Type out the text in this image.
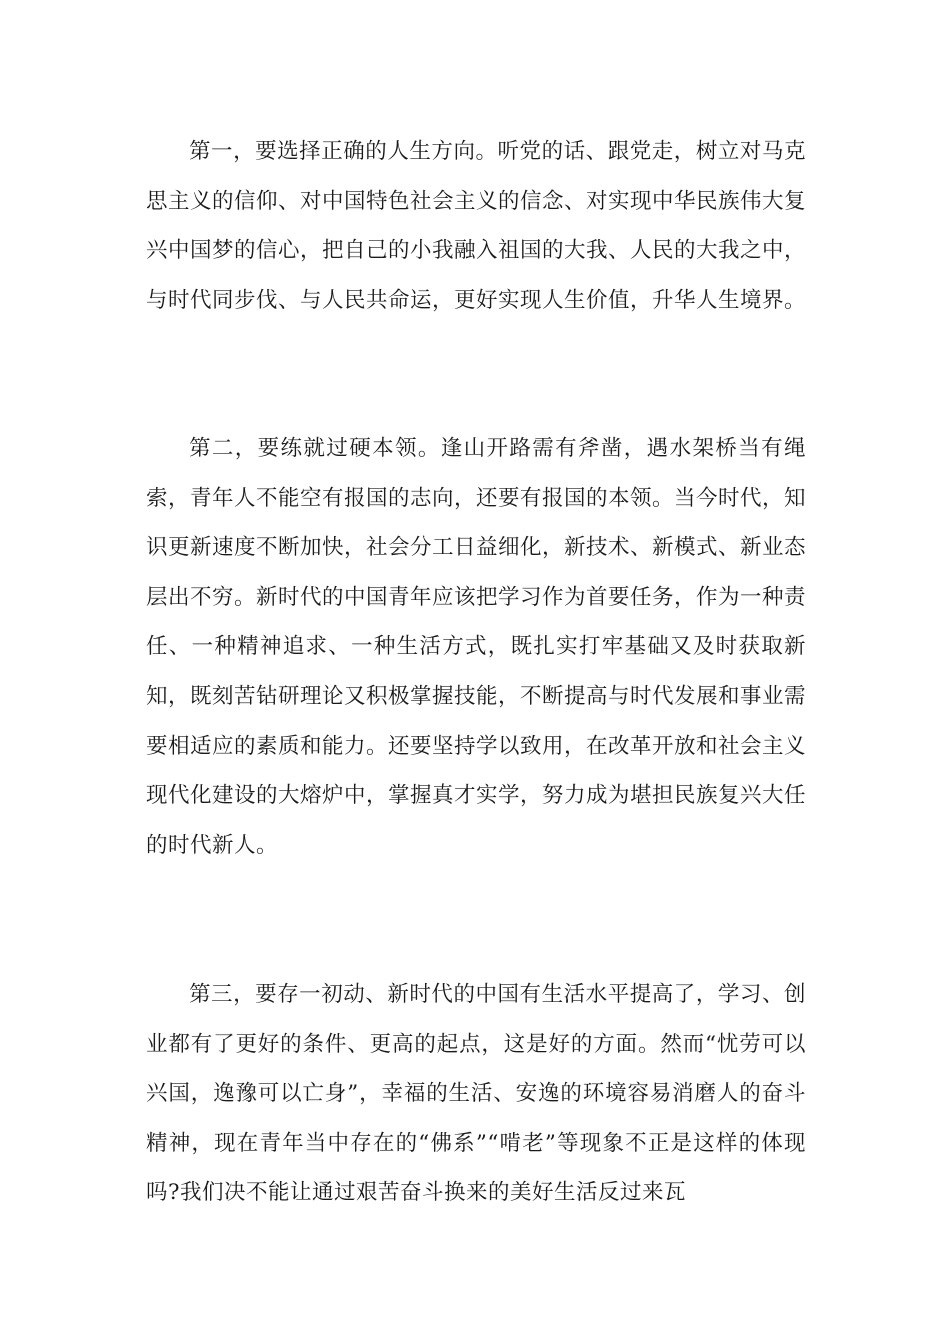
第一，要选择正确的人生方向。听党的话、跟党走，树立对马克思主义的信仰、对中国特色社会主义的信念、对实现中华民族伟大复兴中国梦的信心，把自己的小我融入祖国的大我、人民的大我之中，与时代同步伐、与人民共命运，更好实现人生价值，升华人生境界。

第二，要练就过硬本领。逢山开路需有斧凿，遇水架桥当有绳索，青年人不能空有报国的志向，还要有报国的本领。当今时代，知识更新速度不断加快，社会分工日益细化，新技术、新模式、新业态层出不穷。新时代的中国青年应该把学习作为首要任务，作为一种责任、一种精神追求、一种生活方式，既扎实打牢基础又及时获取新知，既刻苦钻研理论又积极掌握技能，不断提高与时代发展和事业需要相适应的素质和能力。还要坚持学以致用，在改革开放和社会主义现代化建设的大熔炉中，掌握真才实学，努力成为堪担民族复兴大任的时代新人。

第三，要存一初动、新时代的中国有生活水平提高了，学习、创业都有了更好的条件、更高的起点，这是好的方面。然而“忧劳可以兴国，逸豫可以亡身”，幸福的生活、安逸的环境容易消磨人的奋斗精神，现在青年当中存在的“佛系”“啃老”等现象不正是这样的体现吗?我们决不能让通过艰苦奋斗换来的美好生活反过来瓦
